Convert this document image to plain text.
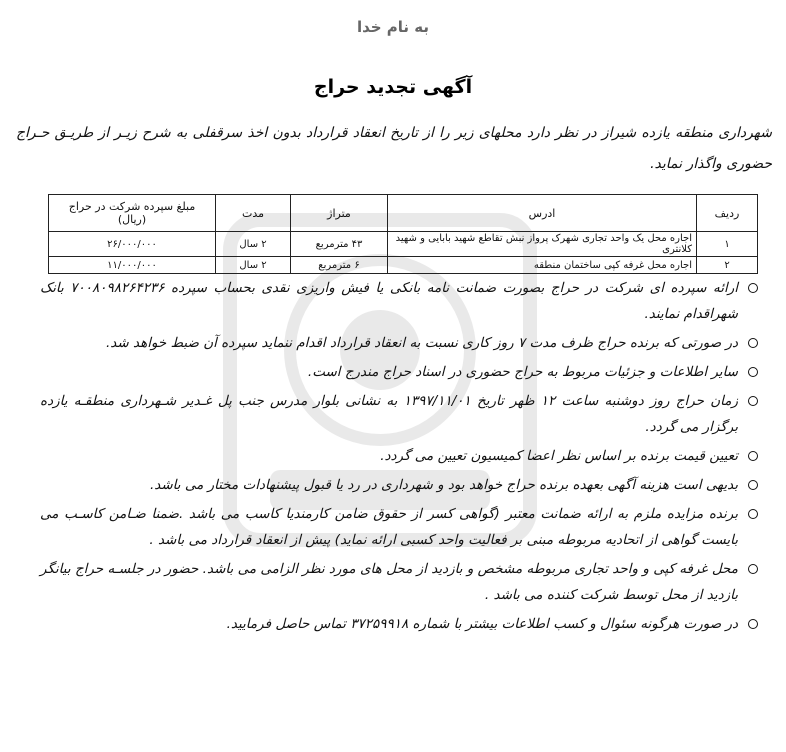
به نام خدا
آگهی تجدید حراج
شهرداری منطقه یازده شیراز در نظر دارد محلهای زیر را از تاریخ انعقاد قرارداد بدون اخذ سرقفلی به شرح زیـر از طریـق حـراج حضوری واگذار نماید.
ردیف	ادرس	متراژ	مدت	مبلغ سپرده شرکت در حراج (ریال)
۱	اجاره محل یک واحد تجاری شهرک پرواز نبش تقاطع شهید بابایی و شهید کلانتری	۴۳ مترمربع	۲ سال	۲۶/۰۰۰/۰۰۰
۲	اجاره محل غرفه کپی ساختمان منطقه	۶ مترمربع	۲ سال	۱۱/۰۰۰/۰۰۰
ارائه سپرده ای شرکت در حراج بصورت ضمانت نامه بانکی یا فیش واریزی نقدی بحساب سپرده ۷۰۰۸۰۹۸۲۶۴۲۳۶ بانک شهراقدام نمایند.
در صورتی که برنده حراج ظرف مدت ۷ روز کاری نسبت به انعقاد قرارداد اقدام ننماید سپرده آن ضبط خواهد شد.
سایر اطلاعات و جزئیات مربوط به حراج حضوری در اسناد حراج مندرج است.
زمان حراج روز دوشنبه ساعت ۱۲ ظهر تاریخ ۱۳۹۷/۱۱/۰۱ به نشانی بلوار مدرس جنب پل غـدیر شـهرداری منطقـه یازده برگزار می گردد.
تعیین قیمت برنده بر اساس نظر اعضا کمیسیون تعیین می گردد.
بدیهی است هزینه آگهی بعهده برنده حراج خواهد بود و شهرداری در رد یا قبول پیشنهادات مختار می باشد.
برنده مزایده ملزم به ارائه ضمانت معتبر (گواهی کسر از حقوق ضامن کارمندیا کاسب می باشد .ضمنا ضـامن کاسـب می بایست گواهی از اتحادیه مربوطه مبنی بر فعالیت واحد کسبی ارائه نماید) پیش از انعقاد قرارداد می باشد .
محل غرفه کپی و واحد تجاری مربوطه مشخص و بازدید از محل های مورد نظر الزامی می باشد. حضور در جلسـه حراج بیانگر بازدید از محل توسط شرکت کننده می باشد .
در صورت هرگونه سئوال و کسب اطلاعات بیشتر با شماره ۳۷۲۵۹۹۱۸ تماس حاصل فرمایید.
